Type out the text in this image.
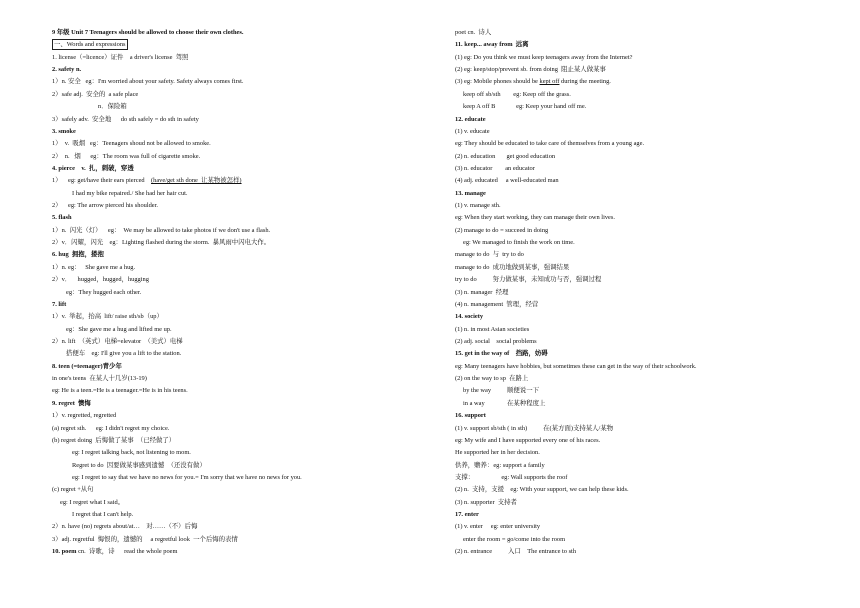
9 年级 Unit 7 Teenagers should be allowed to choose their own clothes.
一、Words and expressions
1. license（=licence）证件    a driver's license  驾照
2. safety n.
1）n. 安全   eg：I'm worried about your safety. Safety always comes first.
2）safe adj.  安全的  a safe place
n．保险箱
3）safely adv.  安全地      do sth safely = do sth in safety
3. smoke
1）  v.  吸烟   eg：Teenagers shoud not be allowed to smoke.
2）  n.   烟      eg：The room was full of cigarette smoke.
4. pierce    v.  扎，刺破，穿透
1）    eg: get/have their ears pierced    (have/get sth done  让某物被怎样)
I had my bike repaired./ She had her hair cut.
2）    eg: The arrow pierced his shoulder.
5. flash
1）n.  闪光（灯）    eg：  We may be allowed to take photos if we don't use a flash.
2）v．闪耀，闪光    eg：Lighting flashed during the storm.  暴风雨中闪电大作。
6. hug  拥抱，搂抱
1）n. eg：   She gave me a hug.
2）v．    hugged，hugged，hugging
eg：They hugged each other.
7. lift
1）v.  举起，抬高  lift/ raise sth/sb（up）
eg：She gave me a hug and lifted me up.
2）n. lift  （英式）电梯=elevator  （美式）电梯
搭便车    eg: I'll give you a lift to the station.
8. teen (=teenager)青少年
in one's teens  在某人十几岁(13-19)
eg: He is a teen.=He is a teenager.=He is in his teens.
9. regret  懊悔
1）v. regretted, regretted
(a) regret sth.      eg: I didn't regret my choice.
(b) regret doing  后悔做了某事  （已经做了）
eg: I regret talking back, not listening to mom.
Regret to do  因要做某事感到遗憾  （还没有做）
eg: I regret to say that we have no news for you.= I'm sorry that we have no news for you.
(c) regret +从句
eg: I regret what I said。
I regret that I can't help.
2）n. have (no) regrets about/at…    对……（不）后悔
3）adj. regretful  悔恨的，遗憾的     a regretful look  一个后悔的表情
10. poem cn.  诗歌，诗      read the whole poem
poet cn.  诗人
11. keep... away from  远离
(1) eg: Do you think we must keep teenagers away from the Internet?
(2) eg: keep/stop/prevent sb. from doing  阻止某人做某事
(3) eg: Mobile phones should be kept off during the meeting.
keep off sb/sth        eg: Keep off the grass.
keep A off B             eg: Keep your hand off me.
12. educate
(1) v. educate
eg: They should be educated to take care of themselves from a young age.
(2) n. education       get good education
(3) n. educator        an educator
(4) adj. educated     a well-educated man
13. manage
(1) v. manage sth.
eg: When they start working, they can manage their own lives.
(2) manage to do = succeed in doing
eg: We managed to finish the work on time.
manage to do  与  try to do
manage to do  成功地做到某事，强调结果
try to do          努力做某事，未知成功与否，强调过程
(3) n. manager  经理
(4) n. management  管理，经营
14. society
(1) n. in most Asian societies
(2) adj. social    social problems
15. get in the way of    挡路，妨碍
eg: Many teenagers have hobbies, but sometimes these can get in the way of their schoolwork.
(2) on the way to sp  在路上
by the way          顺便说一下
in a way              在某种程度上
16. support
(1) v. support sb/sth ( in sth)          在(某方面)支持某人/某物
eg: My wife and I have supported every one of his races.
He supported her in her decision.
供养，赡养：eg: support a family
支撑：                 eg: Wall supports the roof
(2) n.  支持，支援    eg: With your support, we can help these kids.
(3) n. supporter  支持者
17. enter
(1) v. enter     eg: enter university
enter the room = go/come into the room
(2) n. entrance          入口    The entrance to sth
